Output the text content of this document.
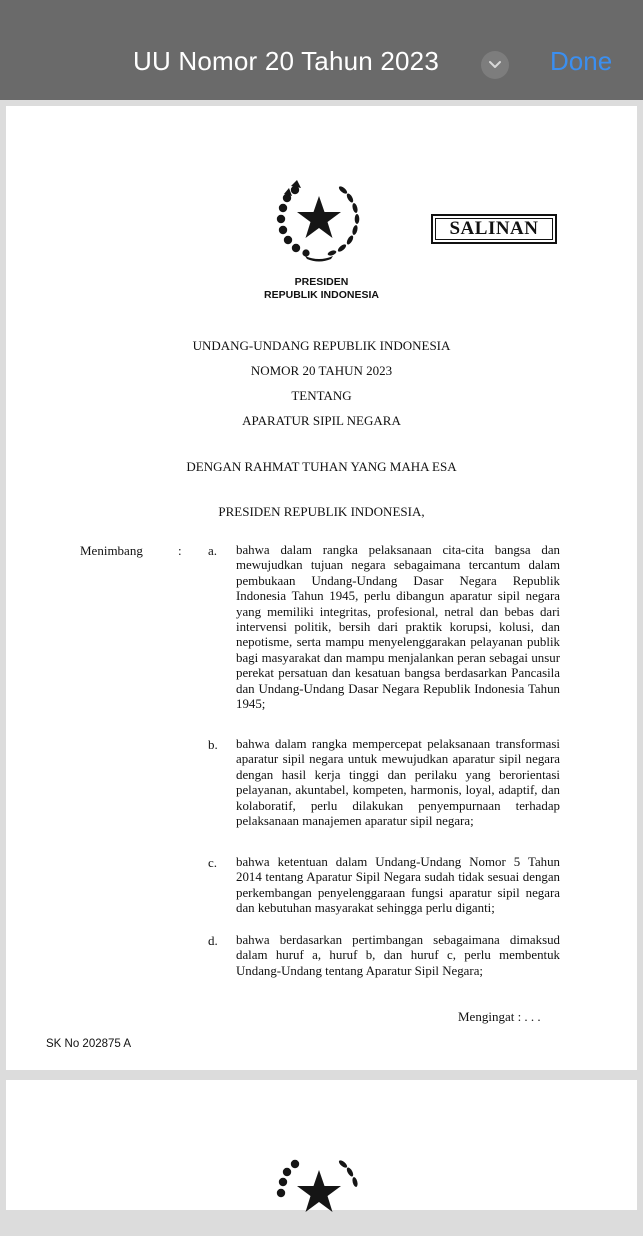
UU Nomor 20 Tahun 2023	Done
PRESIDEN
REPUBLIK INDONESIA
SALINAN
UNDANG-UNDANG REPUBLIK INDONESIA
NOMOR 20 TAHUN 2023
TENTANG
APARATUR SIPIL NEGARA
DENGAN RAHMAT TUHAN YANG MAHA ESA
PRESIDEN REPUBLIK INDONESIA,
Menimbang	: a. bahwa dalam rangka pelaksanaan cita-cita bangsa dan mewujudkan tujuan negara sebagaimana tercantum dalam pembukaan Undang-Undang Dasar Negara Republik Indonesia Tahun 1945, perlu dibangun aparatur sipil negara yang memiliki integritas, profesional, netral dan bebas dari intervensi politik, bersih dari praktik korupsi, kolusi, dan nepotisme, serta mampu menyelenggarakan pelayanan publik bagi masyarakat dan mampu menjalankan peran sebagai unsur perekat persatuan dan kesatuan bangsa berdasarkan Pancasila dan Undang-Undang Dasar Negara Republik Indonesia Tahun 1945;
b. bahwa dalam rangka mempercepat pelaksanaan transformasi aparatur sipil negara untuk mewujudkan aparatur sipil negara dengan hasil kerja tinggi dan perilaku yang berorientasi pelayanan, akuntabel, kompeten, harmonis, loyal, adaptif, dan kolaboratif, perlu dilakukan penyempurnaan terhadap pelaksanaan manajemen aparatur sipil negara;
c. bahwa ketentuan dalam Undang-Undang Nomor 5 Tahun 2014 tentang Aparatur Sipil Negara sudah tidak sesuai dengan perkembangan penyelenggaraan fungsi aparatur sipil negara dan kebutuhan masyarakat sehingga perlu diganti;
d. bahwa berdasarkan pertimbangan sebagaimana dimaksud dalam huruf a, huruf b, dan huruf c, perlu membentuk Undang-Undang tentang Aparatur Sipil Negara;
Mengingat : . . .
SK No 202875 A
